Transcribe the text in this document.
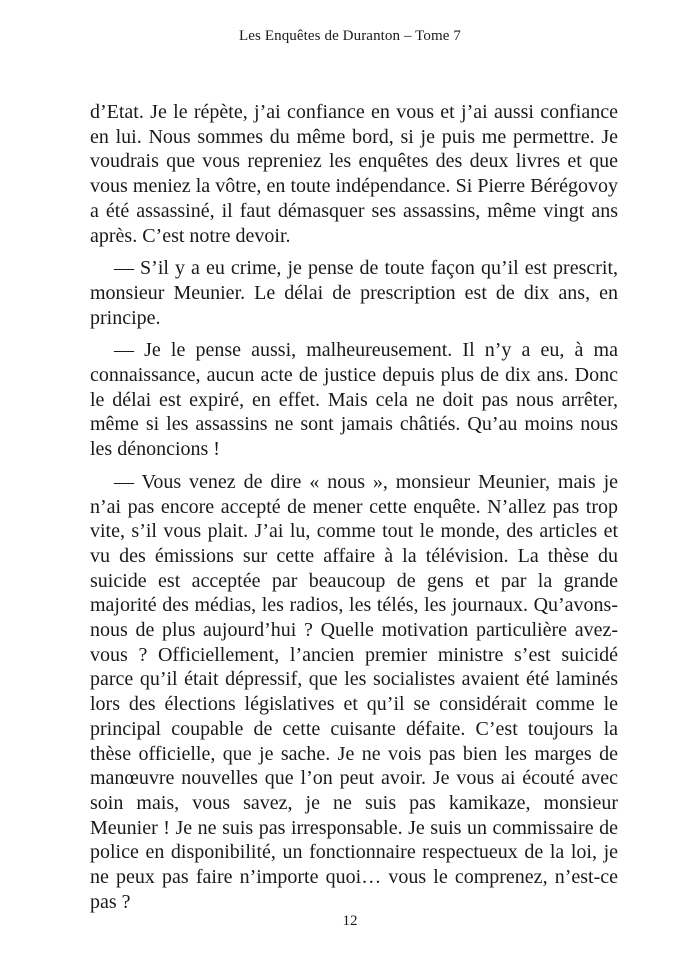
Les Enquêtes de Duranton – Tome 7

d’Etat. Je le répète, j’ai confiance en vous et j’ai aussi confiance en lui. Nous sommes du même bord, si je puis me permettre. Je voudrais que vous repreniez les enquêtes des deux livres et que vous meniez la vôtre, en toute indépendance. Si Pierre Bérégovoy a été assassiné, il faut démasquer ses assassins, même vingt ans après. C’est notre devoir.

— S’il y a eu crime, je pense de toute façon qu’il est prescrit, monsieur Meunier. Le délai de prescription est de dix ans, en principe.

— Je le pense aussi, malheureusement. Il n’y a eu, à ma connaissance, aucun acte de justice depuis plus de dix ans. Donc le délai est expiré, en effet. Mais cela ne doit pas nous arrêter, même si les assassins ne sont jamais châtiés. Qu’au moins nous les dénoncions !

— Vous venez de dire « nous », monsieur Meunier, mais je n’ai pas encore accepté de mener cette enquête. N’allez pas trop vite, s’il vous plait. J’ai lu, comme tout le monde, des articles et vu des émissions sur cette affaire à la télévision. La thèse du suicide est acceptée par beaucoup de gens et par la grande majorité des médias, les radios, les télés, les journaux. Qu’avons-nous de plus aujourd’hui ? Quelle motivation particulière avez-vous ? Officiellement, l’ancien premier ministre s’est suicidé parce qu’il était dépressif, que les socialistes avaient été laminés lors des élections législatives et qu’il se considérait comme le principal coupable de cette cuisante défaite. C’est toujours la thèse officielle, que je sache. Je ne vois pas bien les marges de manœuvre nouvelles que l’on peut avoir. Je vous ai écouté avec soin mais, vous savez, je ne suis pas kamikaze, monsieur Meunier ! Je ne suis pas irresponsable. Je suis un commissaire de police en disponibilité, un fonctionnaire respectueux de la loi, je ne peux pas faire n’importe quoi… vous le comprenez, n’est-ce pas ?

12
